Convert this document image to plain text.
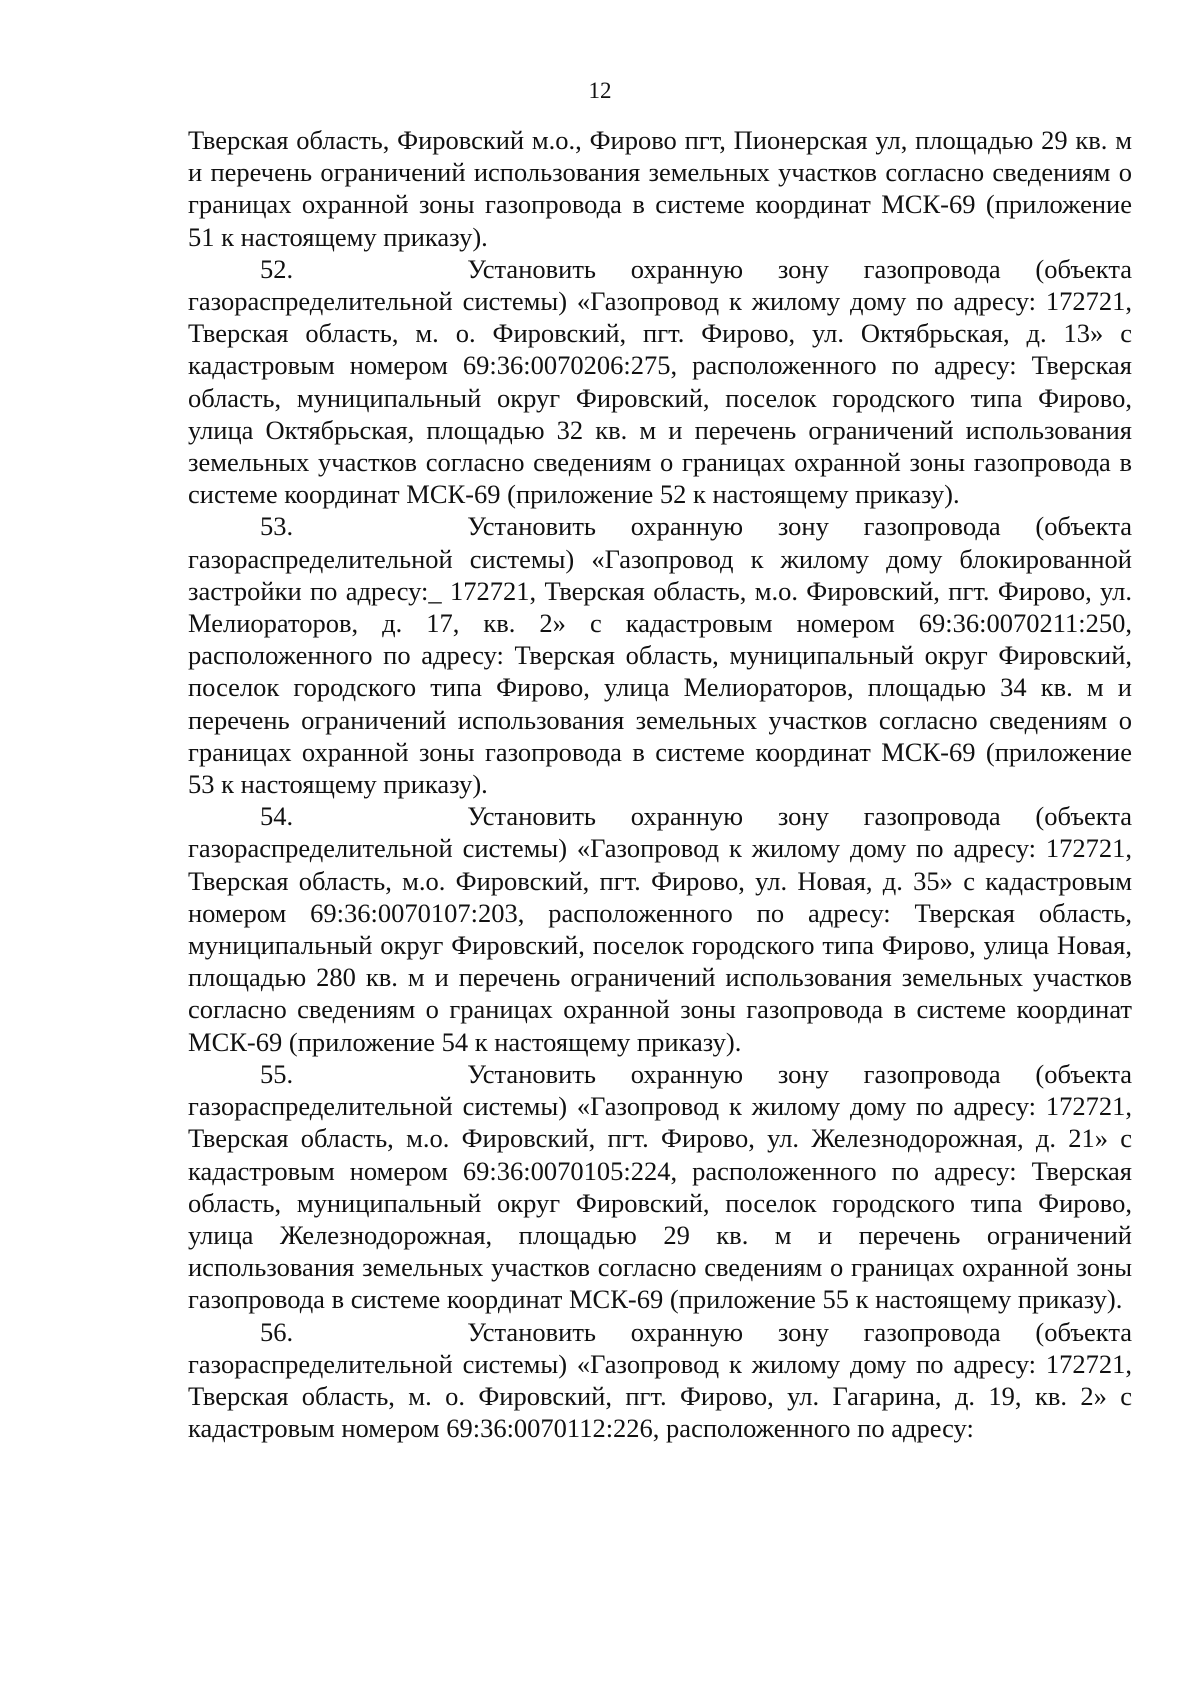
12

Тверская область, Фировский м.о., Фирово пгт, Пионерская ул, площадью 29 кв. м и перечень ограничений использования земельных участков согласно сведениям о границах охранной зоны газопровода в системе координат МСК-69 (приложение 51 к настоящему приказу).

52.	Установить охранную зону газопровода (объекта газораспределительной системы) «Газопровод к жилому дому по адресу: 172721, Тверская область, м. о. Фировский, пгт. Фирово, ул. Октябрьская, д. 13» с кадастровым номером 69:36:0070206:275, расположенного по адресу: Тверская область, муниципальный округ Фировский, поселок городского типа Фирово, улица Октябрьская, площадью 32 кв. м и перечень ограничений использования земельных участков согласно сведениям о границах охранной зоны газопровода в системе координат МСК-69 (приложение 52 к настоящему приказу).

53.	Установить охранную зону газопровода (объекта газораспределительной системы) «Газопровод к жилому дому блокированной застройки по адресу:_ 172721, Тверская область, м.о. Фировский, пгт. Фирово, ул. Мелиораторов, д. 17, кв. 2» с кадастровым номером 69:36:0070211:250, расположенного по адресу: Тверская область, муниципальный округ Фировский, поселок городского типа Фирово, улица Мелиораторов, площадью 34 кв. м и перечень ограничений использования земельных участков согласно сведениям о границах охранной зоны газопровода в системе координат МСК-69 (приложение 53 к настоящему приказу).

54.	Установить охранную зону газопровода (объекта газораспределительной системы) «Газопровод к жилому дому по адресу: 172721, Тверская область, м.о. Фировский, пгт. Фирово, ул. Новая, д. 35» с кадастровым номером 69:36:0070107:203, расположенного по адресу: Тверская область, муниципальный округ Фировский, поселок городского типа Фирово, улица Новая, площадью 280 кв. м и перечень ограничений использования земельных участков согласно сведениям о границах охранной зоны газопровода в системе координат МСК-69 (приложение 54 к настоящему приказу).

55.	Установить охранную зону газопровода (объекта газораспределительной системы) «Газопровод к жилому дому по адресу: 172721, Тверская область, м.о. Фировский, пгт. Фирово, ул. Железнодорожная, д. 21» с кадастровым номером 69:36:0070105:224, расположенного по адресу: Тверская область, муниципальный округ Фировский, поселок городского типа Фирово, улица Железнодорожная, площадью 29 кв. м и перечень ограничений использования земельных участков согласно сведениям о границах охранной зоны газопровода в системе координат МСК-69 (приложение 55 к настоящему приказу).

56.	Установить охранную зону газопровода (объекта газораспределительной системы) «Газопровод к жилому дому по адресу: 172721, Тверская область, м. о. Фировский, пгт. Фирово, ул. Гагарина, д. 19, кв. 2» с кадастровым номером 69:36:0070112:226, расположенного по адресу:
